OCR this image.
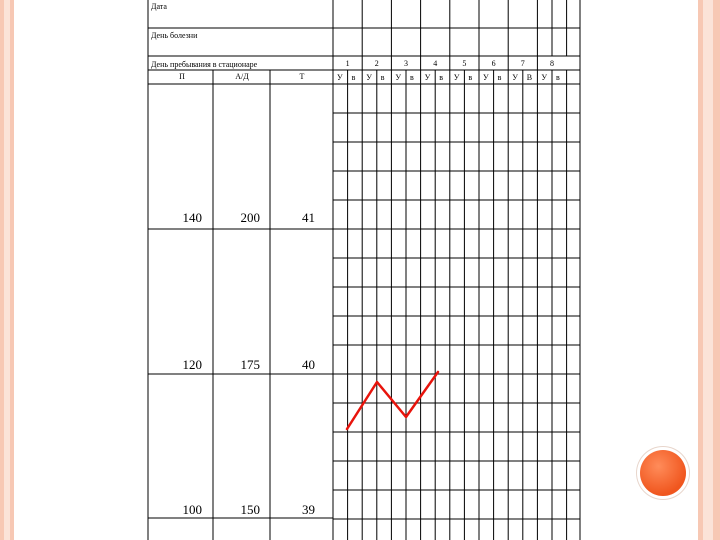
Дата
День болезни
День пребывания в стационаре
П	А/Д	Т
1	2	3	4	5	6	7	8
У в У в У в У в У в У в У В У в
140	200	41
120	175	40
100	150	39
